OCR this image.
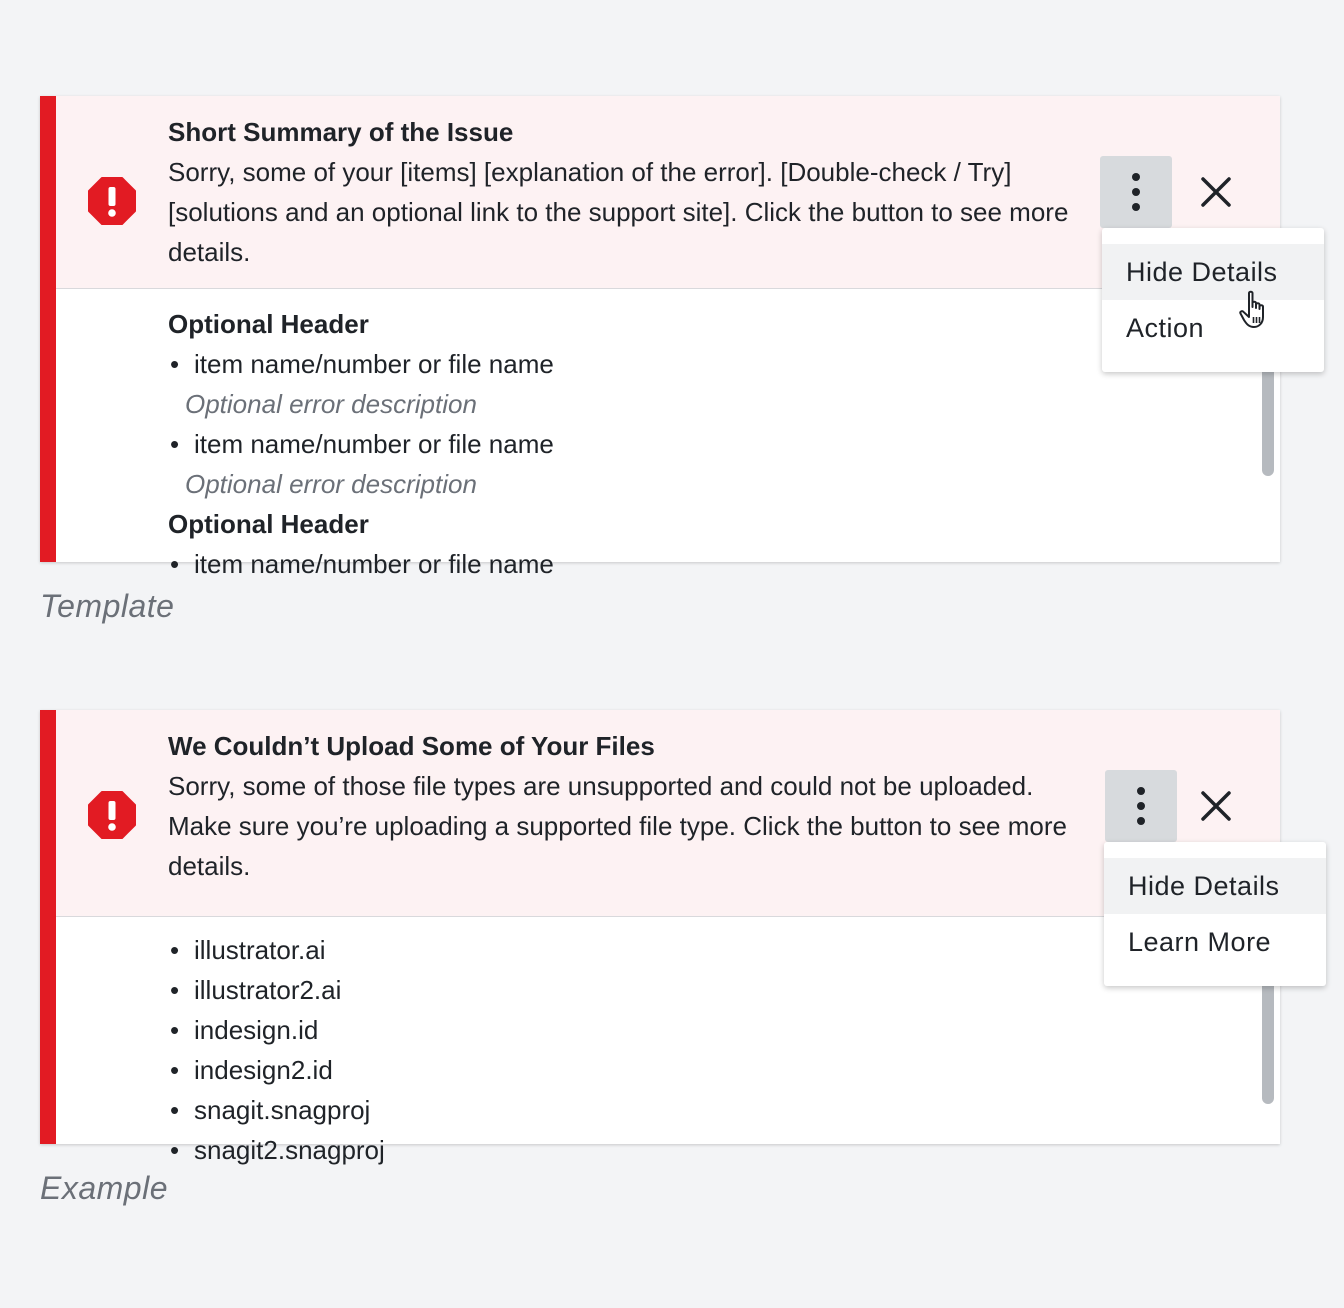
Short Summary of the Issue
Sorry, some of your [items] [explanation of the error]. [Double-check / Try] [solutions and an optional link to the support site]. Click the button to see more details.
Optional Header
• item name/number or file name
Optional error description
• item name/number or file name
Optional error description
Optional Header
• item name/number or file name
Hide Details
Action
Template
We Couldn’t Upload Some of Your Files
Sorry, some of those file types are unsupported and could not be uploaded. Make sure you’re uploading a supported file type. Click the button to see more details.
• illustrator.ai
• illustrator2.ai
• indesign.id
• indesign2.id
• snagit.snagproj
• snagit2.snagproj
Hide Details
Learn More
Example
